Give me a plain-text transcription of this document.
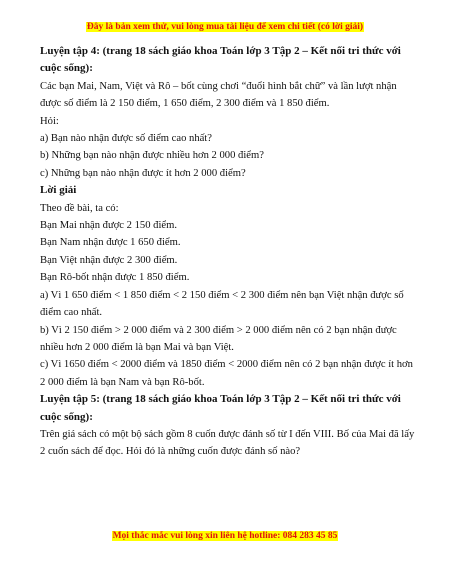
Đây là bản xem thử, vui lòng mua tài liệu để xem chi tiết (có lời giải)

Luyện tập 4: (trang 18 sách giáo khoa Toán lớp 3 Tập 2 – Kết nối tri thức với cuộc sống):

Các bạn Mai, Nam, Việt và Rô – bốt cùng chơi “đuổi hình bắt chữ” và lần lượt nhận được số điểm là 2 150 điểm, 1 650 điểm, 2 300 điểm và 1 850 điểm.

Hỏi:

a) Bạn nào nhận được số điểm cao nhất?

b) Những bạn nào nhận được nhiều hơn 2 000 điểm?

c) Những bạn nào nhận được ít hơn 2 000 điểm?

Lời giải

Theo đề bài, ta có:

Bạn Mai nhận được 2 150 điểm.

Bạn Nam nhận được 1 650 điểm.

Bạn Việt nhận được 2 300 điểm.

Bạn Rô-bốt nhận được 1 850 điểm.

a) Vì 1 650 điểm < 1 850 điểm < 2 150 điểm < 2 300 điểm nên bạn Việt nhận được số điểm cao nhất.

b) Vì 2 150 điểm > 2 000 điểm và 2 300 điểm > 2 000 điểm nên có 2 bạn nhận được nhiều hơn 2 000 điểm là bạn Mai và bạn Việt.

c) Vì 1650 điểm < 2000 điểm và 1850 điểm < 2000 điểm nên có 2 bạn nhận được ít hơn 2 000 điểm là bạn Nam và bạn Rô-bốt.

Luyện tập 5: (trang 18 sách giáo khoa Toán lớp 3 Tập 2 – Kết nối tri thức với cuộc sống):

Trên giá sách có một bộ sách gồm 8 cuốn được đánh số từ I đến VIII. Bố của Mai đã lấy 2 cuốn sách để đọc. Hỏi đó là những cuốn được đánh số nào?

Mọi thắc mắc vui lòng xin liên hệ hotline: 084 283 45 85
